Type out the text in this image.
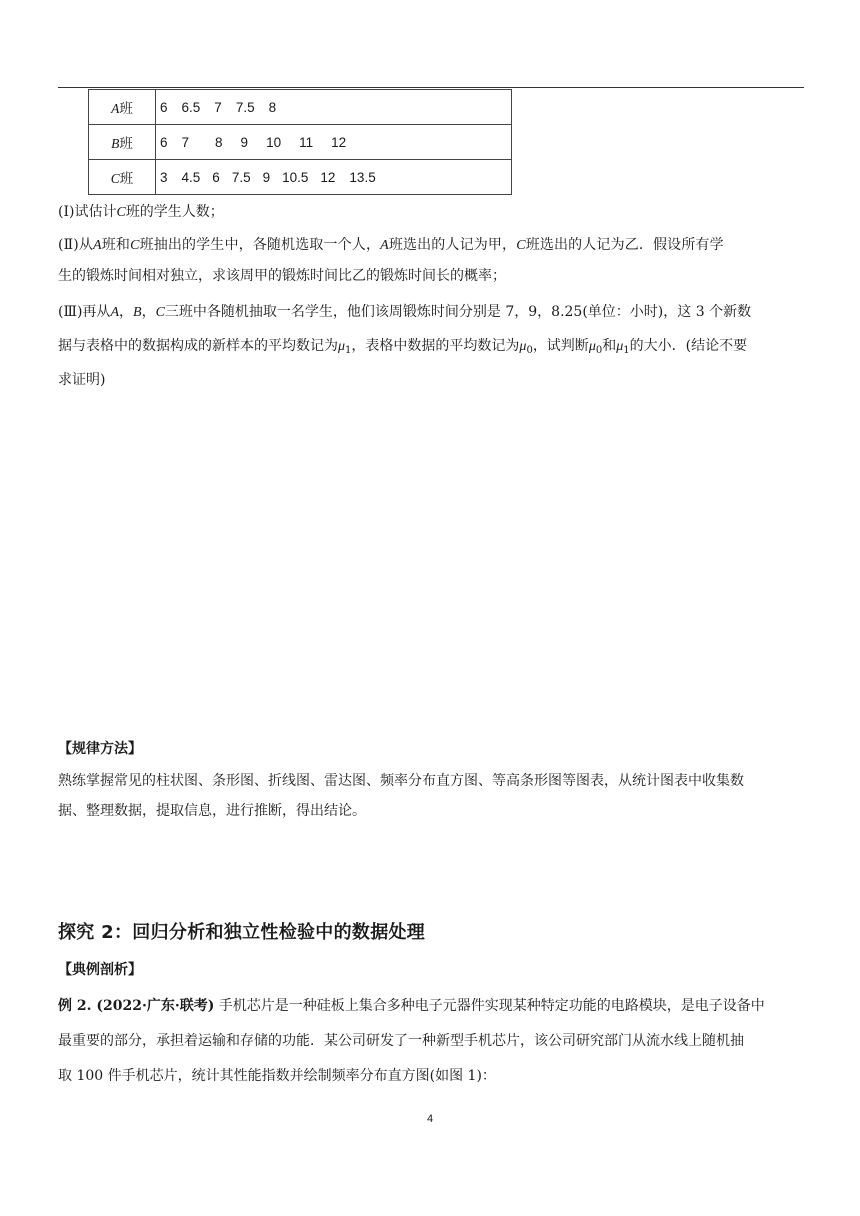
A班	6 6.5 7 7.5 8
B班	6 7 8 9 10 11 12
C班	3 4.5 6 7.5 9 10.5 12 13.5
(Ⅰ)试估计C班的学生人数；
(Ⅱ)从A班和C班抽出的学生中，各随机选取一个人，A班选出的人记为甲，C班选出的人记为乙．假设所有学
生的锻炼时间相对独立，求该周甲的锻炼时间比乙的锻炼时间长的概率；
(Ⅲ)再从A，B，C三班中各随机抽取一名学生，他们该周锻炼时间分别是 7，9，8.25(单位：小时)，这 3 个新数
据与表格中的数据构成的新样本的平均数记为$\mu_1$，表格中数据的平均数记为$\mu_0$，试判断$\mu_0$和$\mu_1$的大小．(结论不要
求证明)
【规律方法】
熟练掌握常见的柱状图、条形图、折线图、雷达图、频率分布直方图、等高条形图等图表，从统计图表中收集数
据、整理数据，提取信息，进行推断，得出结论。
探究 2：回归分析和独立性检验中的数据处理
【典例剖析】
例 2. (2022·广东·联考) 手机芯片是一种硅板上集合多种电子元器件实现某种特定功能的电路模块，是电子设备中
最重要的部分，承担着运输和存储的功能．某公司研发了一种新型手机芯片，该公司研究部门从流水线上随机抽
取 100 件手机芯片，统计其性能指数并绘制频率分布直方图(如图 1)：
4
